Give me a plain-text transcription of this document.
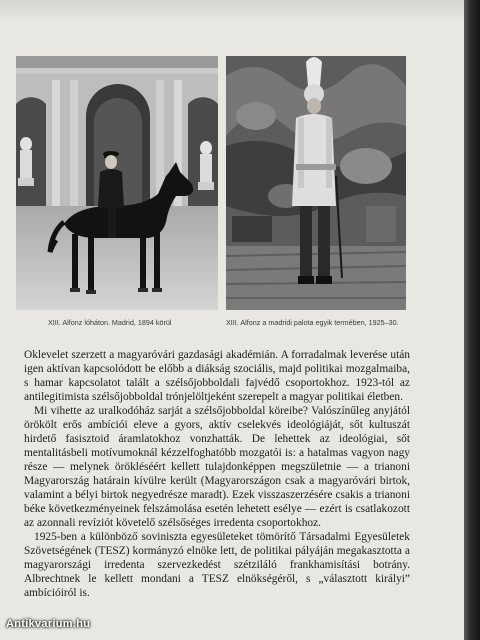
XIII. Alfonz lóháton. Madrid, 1894 körül	XIII. Alfonz a madridi palota egyik termében, 1925–30.

Oklevelet szerzett a magyaróvári gazdasági akadémián. A forradalmak leverése után igen aktívan kapcsolódott be előbb a diákság szociális, majd politikai mozgalmaiba, s hamar kapcsolatot talált a szélsőjobboldali fajvédő csoportokhoz. 1923-tól az antilegitimista szélsőjobboldal trónjelöltjeként szerepelt a magyar politikai életben.

Mi vihette az uralkodóház sarját a szélsőjobboldal köreibe? Valószínűleg anyjától örökölt erős ambíciói eleve a gyors, aktív cselekvés ideológiáját, sőt kultuszát hirdető fasisztoid áramlatokhoz vonzhatták. De lehettek az ideológiai, sőt mentalitásbeli motívumoknál kézzelfoghatóbb mozgatói is: a hatalmas vagyon nagy része — melynek örökléséért kellett tulajdonképpen megszületnie — a trianoni Magyarország határain kívülre került (Magyarországon csak a magyaróvári birtok, valamint a bélyi birtok negyedrésze maradt). Ezek visszaszerzésére csakis a trianoni béke következményeinek felszámolása esetén lehetett esélye — ezért is csatlakozott az azonnali revíziót követelő szélsőséges irredenta csoportokhoz.

1925-ben a különböző soviniszta egyesületeket tömörítő Társadalmi Egyesületek Szövetségének (TESZ) kormányzó elnöke lett, de politikai pályáján megakasztotta a magyarországi irredenta szervezkedést szétziláló frankhamisítási botrány. Albrechtnek le kellett mondani a TESZ elnökségéről, s „választott királyi” ambícióiról is.

Antikvarium.hu
